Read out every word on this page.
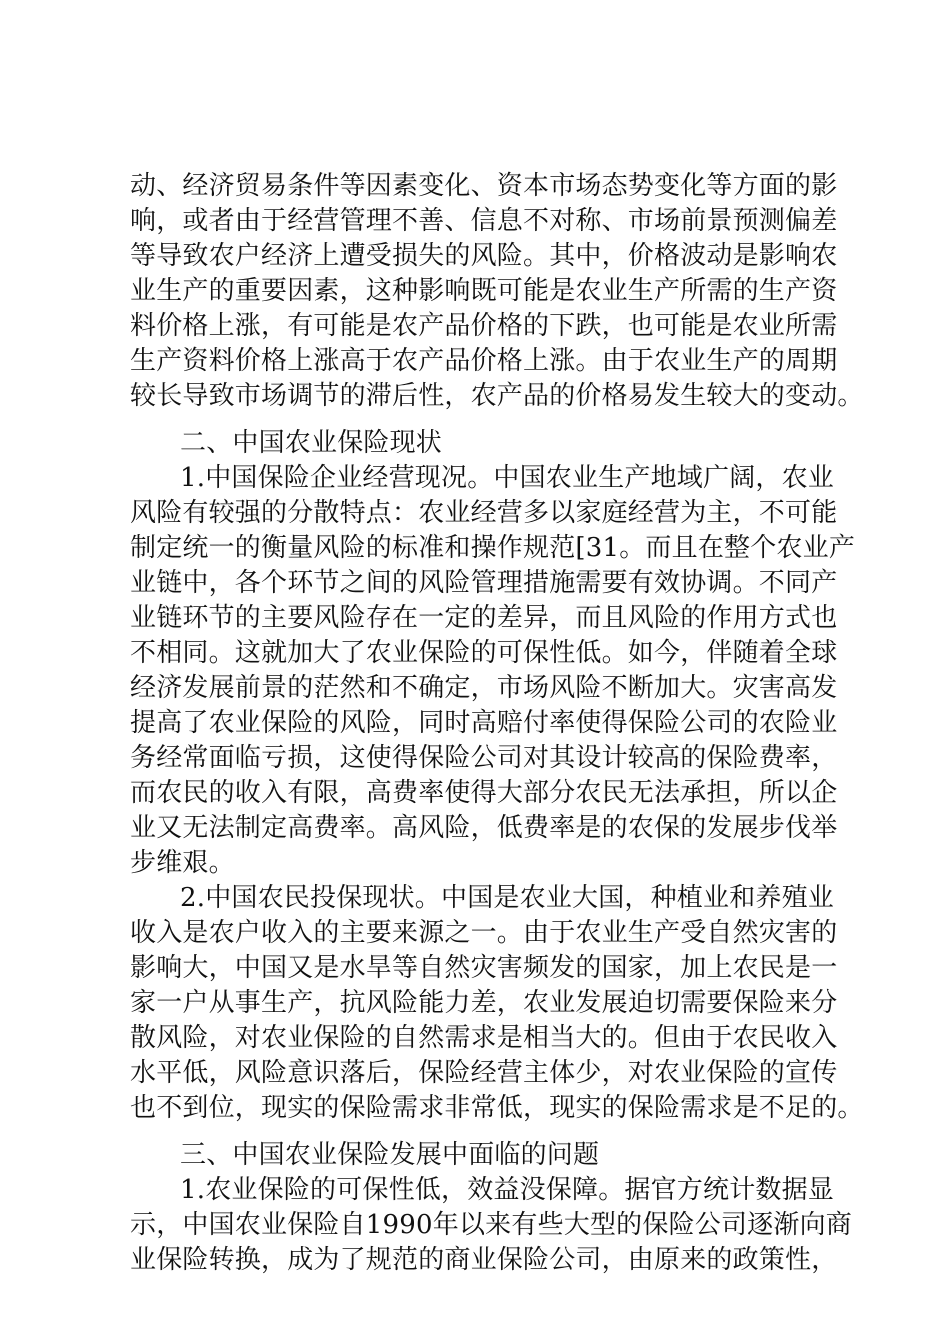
动、经济贸易条件等因素变化、资本市场态势变化等方面的影
响，或者由于经营管理不善、信息不对称、市场前景预测偏差
等导致农户经济上遭受损失的风险。其中，价格波动是影响农
业生产的重要因素，这种影响既可能是农业生产所需的生产资
料价格上涨，有可能是农产品价格的下跌，也可能是农业所需
生产资料价格上涨高于农产品价格上涨。由于农业生产的周期
较长导致市场调节的滞后性，农产品的价格易发生较大的变动。
二、中国农业保险现状
1.中国保险企业经营现况。中国农业生产地域广阔，农业
风险有较强的分散特点：农业经营多以家庭经营为主，不可能
制定统一的衡量风险的标准和操作规范[31。而且在整个农业产
业链中，各个环节之间的风险管理措施需要有效协调。不同产
业链环节的主要风险存在一定的差异，而且风险的作用方式也
不相同。这就加大了农业保险的可保性低。如今，伴随着全球
经济发展前景的茫然和不确定，市场风险不断加大。灾害高发
提高了农业保险的风险，同时高赔付率使得保险公司的农险业
务经常面临亏损，这使得保险公司对其设计较高的保险费率，
而农民的收入有限，高费率使得大部分农民无法承担，所以企
业又无法制定高费率。高风险，低费率是的农保的发展步伐举
步维艰。
2.中国农民投保现状。中国是农业大国，种植业和养殖业
收入是农户收入的主要来源之一。由于农业生产受自然灾害的
影响大，中国又是水旱等自然灾害频发的国家，加上农民是一
家一户从事生产，抗风险能力差，农业发展迫切需要保险来分
散风险，对农业保险的自然需求是相当大的。但由于农民收入
水平低，风险意识落后，保险经营主体少，对农业保险的宣传
也不到位，现实的保险需求非常低，现实的保险需求是不足的。
三、中国农业保险发展中面临的问题
1.农业保险的可保性低，效益没保障。据官方统计数据显
示，中国农业保险自1990年以来有些大型的保险公司逐渐向商
业保险转换，成为了规范的商业保险公司，由原来的政策性，
